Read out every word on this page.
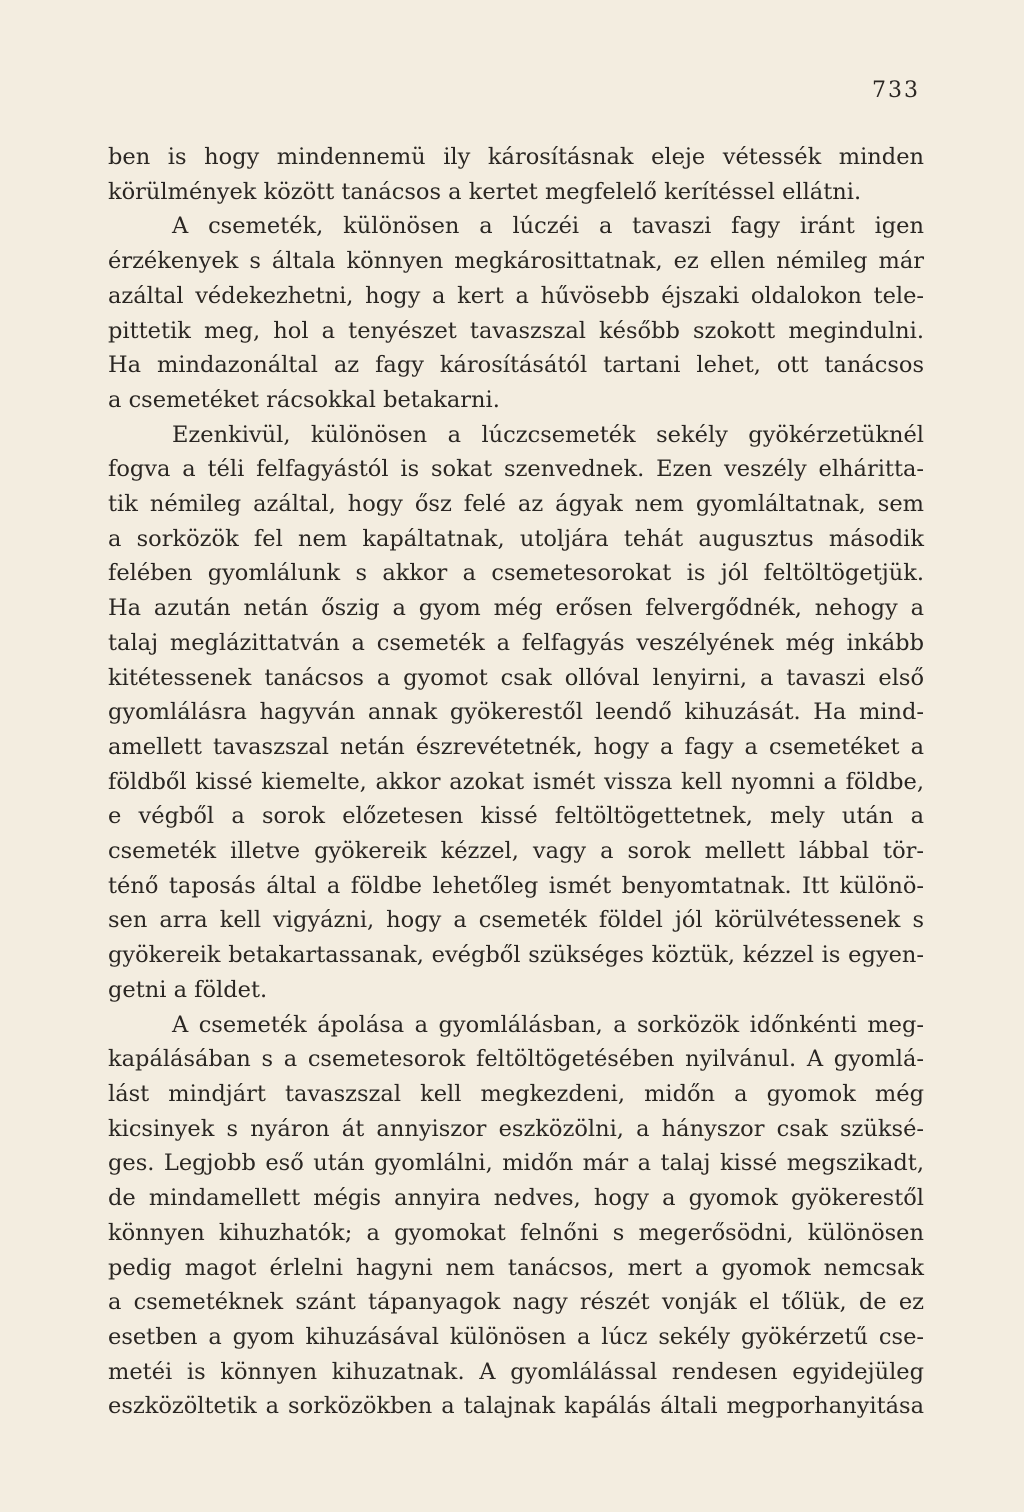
733

ben is hogy mindennemü ily károsításnak eleje vétessék minden
körülmények között tanácsos a kertet megfelelő kerítéssel ellátni.

A csemeték, különösen a lúczéi a tavaszi fagy iránt igen
érzékenyek s általa könnyen megkárosittatnak, ez ellen némileg már
azáltal védekezhetni, hogy a kert a hűvösebb éjszaki oldalokon tele-
pittetik meg, hol a tenyészet tavaszszal később szokott megindulni.
Ha mindazonáltal az fagy károsításától tartani lehet, ott tanácsos
a csemetéket rácsokkal betakarni.

Ezenkivül, különösen a lúczcsemeték sekély gyökérzetüknél
fogva a téli felfagyástól is sokat szenvednek. Ezen veszély elháritta-
tik némileg azáltal, hogy ősz felé az ágyak nem gyomláltatnak, sem
a sorközök fel nem kapáltatnak, utoljára tehát augusztus második
felében gyomlálunk s akkor a csemetesorokat is jól feltöltögetjük.
Ha azután netán őszig a gyom még erősen felvergődnék, nehogy a
talaj meglázittatván a csemeték a felfagyás veszélyének még inkább
kitétessenek tanácsos a gyomot csak ollóval lenyirni, a tavaszi első
gyomlálásra hagyván annak gyökerestől leendő kihuzását. Ha mind-
amellett tavaszszal netán észrevétetnék, hogy a fagy a csemetéket a
földből kissé kiemelte, akkor azokat ismét vissza kell nyomni a földbe,
e végből a sorok előzetesen kissé feltöltögettetnek, mely után a
csemeték illetve gyökereik kézzel, vagy a sorok mellett lábbal tör-
ténő taposás által a földbe lehetőleg ismét benyomtatnak. Itt különö-
sen arra kell vigyázni, hogy a csemeték földel jól körülvétessenek s
gyökereik betakartassanak, evégből szükséges köztük, kézzel is egyen-
getni a földet.

A csemeték ápolása a gyomlálásban, a sorközök időnkénti meg-
kapálásában s a csemetesorok feltöltögetésében nyilvánul. A gyomlá-
lást mindjárt tavaszszal kell megkezdeni, midőn a gyomok még
kicsinyek s nyáron át annyiszor eszközölni, a hányszor csak szüksé-
ges. Legjobb eső után gyomlálni, midőn már a talaj kissé megszikadt,
de mindamellett mégis annyira nedves, hogy a gyomok gyökerestől
könnyen kihuzhatók; a gyomokat felnőni s megerősödni, különösen
pedig magot érlelni hagyni nem tanácsos, mert a gyomok nemcsak
a csemetéknek szánt tápanyagok nagy részét vonják el tőlük, de ez
esetben a gyom kihuzásával különösen a lúcz sekély gyökérzetű cse-
metéi is könnyen kihuzatnak. A gyomlálással rendesen egyidejüleg
eszközöltetik a sorközökben a talajnak kapálás általi megporhanyitása
